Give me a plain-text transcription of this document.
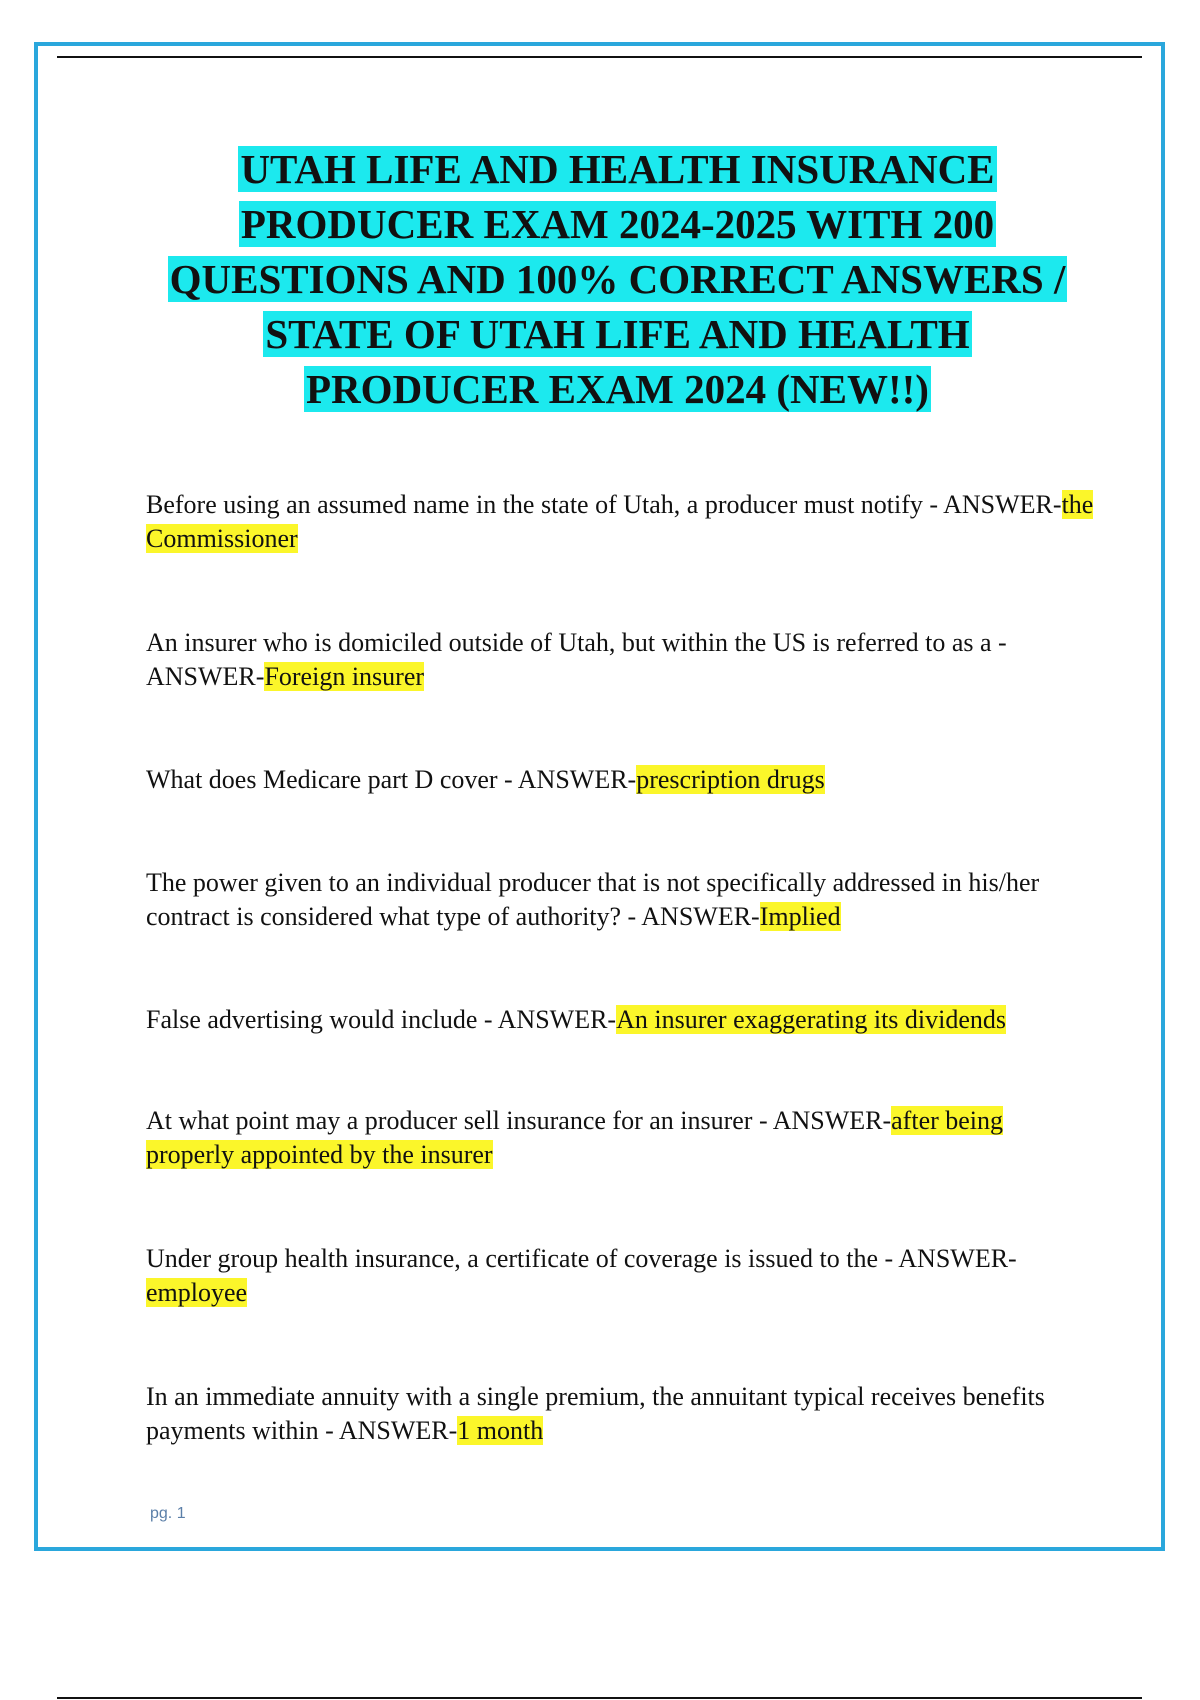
UTAH LIFE AND HEALTH INSURANCE PRODUCER EXAM 2024-2025 WITH 200 QUESTIONS AND 100% CORRECT ANSWERS / STATE OF UTAH LIFE AND HEALTH PRODUCER EXAM 2024 (NEW!!)

Before using an assumed name in the state of Utah, a producer must notify - ANSWER-the Commissioner

An insurer who is domiciled outside of Utah, but within the US is referred to as a - ANSWER-Foreign insurer

What does Medicare part D cover - ANSWER-prescription drugs

The power given to an individual producer that is not specifically addressed in his/her contract is considered what type of authority? - ANSWER-Implied

False advertising would include - ANSWER-An insurer exaggerating its dividends

At what point may a producer sell insurance for an insurer - ANSWER-after being properly appointed by the insurer

Under group health insurance, a certificate of coverage is issued to the - ANSWER-employee

In an immediate annuity with a single premium, the annuitant typical receives benefits payments within - ANSWER-1 month

pg. 1
